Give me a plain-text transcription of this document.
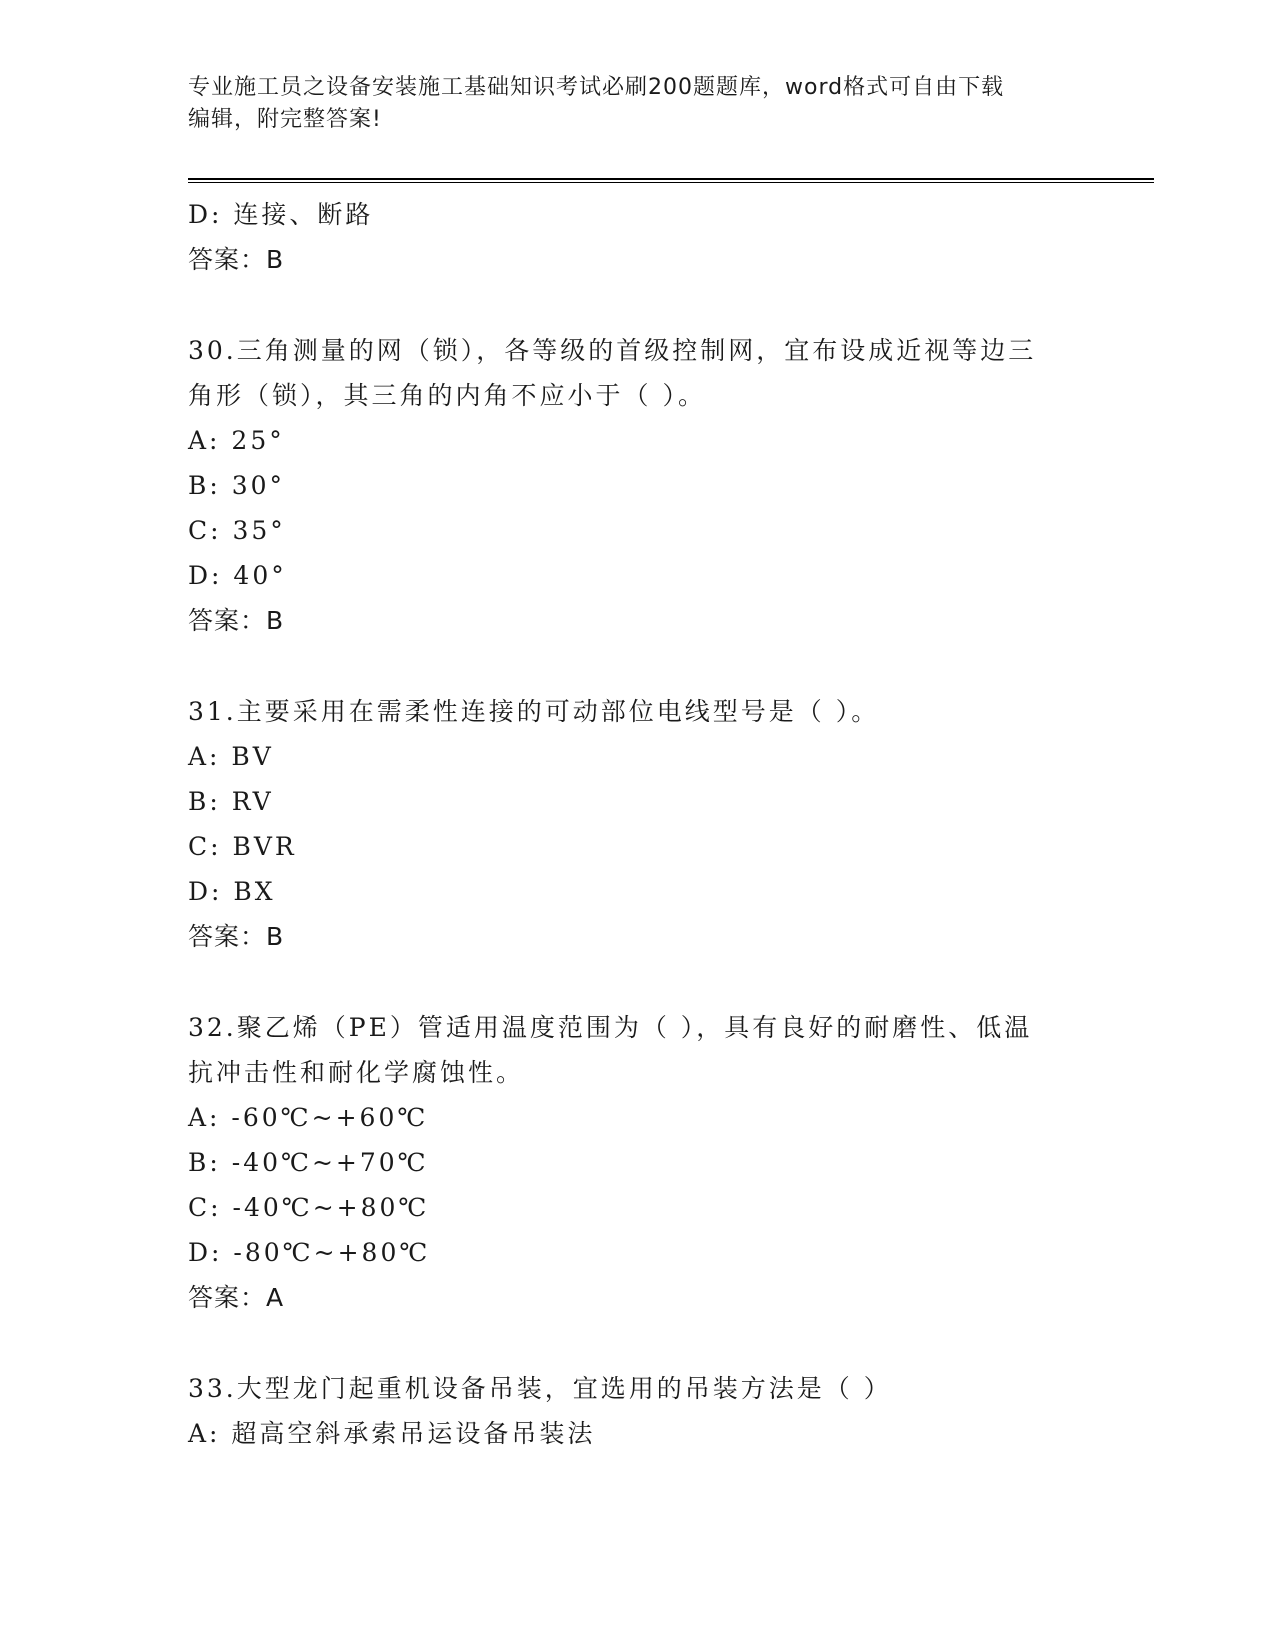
专业施工员之设备安装施工基础知识考试必刷200题题库，word格式可自由下载
编辑，附完整答案!
D: 连接、断路
答案：B
30.三角测量的网（锁），各等级的首级控制网，宜布设成近视等边三
角形（锁），其三角的内角不应小于（ ）。
A: 25°
B: 30°
C: 35°
D: 40°
答案：B
31.主要采用在需柔性连接的可动部位电线型号是（ ）。
A: BV
B: RV
C: BVR
D: BX
答案：B
32.聚乙烯（PE）管适用温度范围为（ ），具有良好的耐磨性、低温
抗冲击性和耐化学腐蚀性。
A: -60℃~+60℃
B: -40℃~+70℃
C: -40℃~+80℃
D: -80℃~+80℃
答案：A
33.大型龙门起重机设备吊装，宜选用的吊装方法是（ ）
A: 超高空斜承索吊运设备吊装法
